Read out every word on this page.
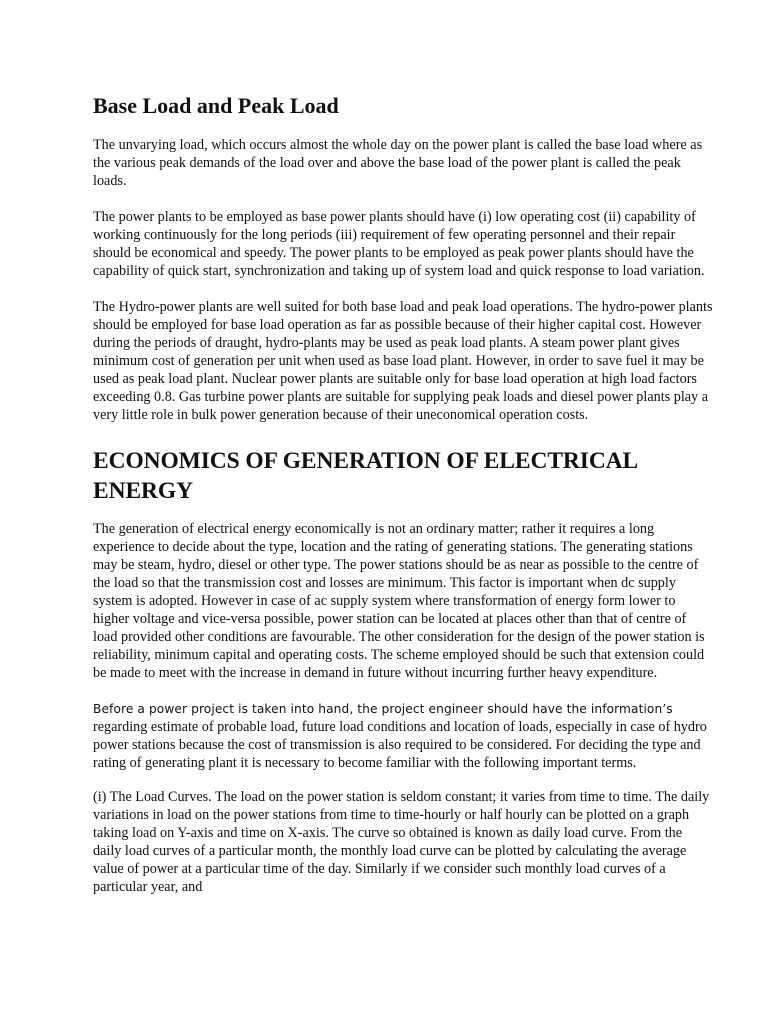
Base Load and Peak Load

The unvarying load, which occurs almost the whole day on the power plant is called the base load where as the various peak demands of the load over and above the base load of the power plant is called the peak loads.

The power plants to be employed as base power plants should have (i) low operating cost (ii) capability of working continuously for the long periods (iii) requirement of few operating personnel and their repair should be economical and speedy. The power plants to be employed as peak power plants should have the capability of quick start, synchronization and taking up of system load and quick response to load variation.

The Hydro-power plants are well suited for both base load and peak load operations. The hydro-power plants should be employed for base load operation as far as possible because of their higher capital cost. However during the periods of draught, hydro-plants may be used as peak load plants. A steam power plant gives minimum cost of generation per unit when used as base load plant. However, in order to save fuel it may be used as peak load plant. Nuclear power plants are suitable only for base load operation at high load factors exceeding 0.8. Gas turbine power plants are suitable for supplying peak loads and diesel power plants play a very little role in bulk power generation because of their uneconomical operation costs.

ECONOMICS OF GENERATION OF ELECTRICAL ENERGY

The generation of electrical energy economically is not an ordinary matter; rather it requires a long experience to decide about the type, location and the rating of generating stations. The generating stations may be steam, hydro, diesel or other type. The power stations should be as near as possible to the centre of the load so that the transmission cost and losses are minimum. This factor is important when dc supply system is adopted. However in case of ac supply system where transformation of energy form lower to higher voltage and vice-versa possible, power station can be located at places other than that of centre of load provided other conditions are favourable. The other consideration for the design of the power station is reliability, minimum capital and operating costs. The scheme employed should be such that extension could be made to meet with the increase in demand in future without incurring further heavy expenditure.

Before a power project is taken into hand, the project engineer should have the information’s regarding estimate of probable load, future load conditions and location of loads, especially in case of hydro power stations because the cost of transmission is also required to be considered. For deciding the type and rating of generating plant it is necessary to become familiar with the following important terms.

(i) The Load Curves. The load on the power station is seldom constant; it varies from time to time. The daily variations in load on the power stations from time to time-hourly or half hourly can be plotted on a graph taking load on Y-axis and time on X-axis. The curve so obtained is known as daily load curve. From the daily load curves of a particular month, the monthly load curve can be plotted by calculating the average value of power at a particular time of the day. Similarly if we consider such monthly load curves of a particular year, and
